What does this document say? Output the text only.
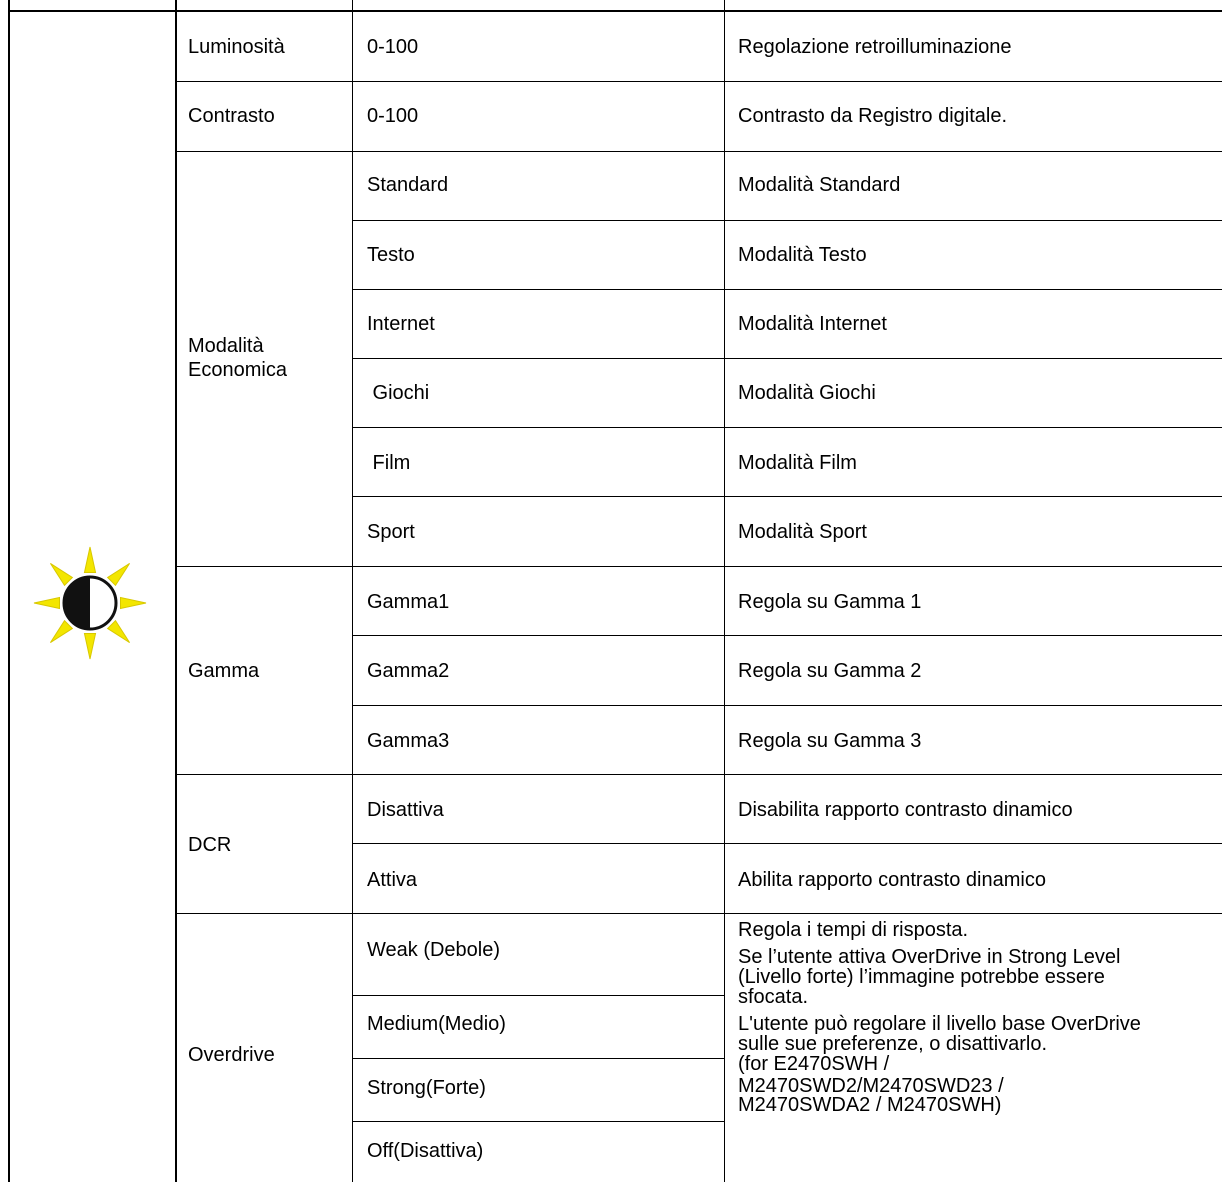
Luminosità	0-100	Regolazione retroilluminazione
Contrasto	0-100	Contrasto da Registro digitale.
Modalità Economica
Standard	Modalità Standard
Testo	Modalità Testo
Internet	Modalità Internet
Giochi	Modalità Giochi
Film	Modalità Film
Sport	Modalità Sport
Gamma
Gamma1	Regola su Gamma 1
Gamma2	Regola su Gamma 2
Gamma3	Regola su Gamma 3
DCR
Disattiva	Disabilita rapporto contrasto dinamico
Attiva	Abilita rapporto contrasto dinamico
Overdrive
Weak (Debole)
Medium(Medio)
Strong(Forte)
Off(Disattiva)
Regola i tempi di risposta.
Se l’utente attiva OverDrive in Strong Level
(Livello forte) l’immagine potrebbe essere
sfocata.
L'utente può regolare il livello base OverDrive
sulle sue preferenze, o disattivarlo.
(for E2470SWH /
M2470SWD2/M2470SWD23 /
M2470SWDA2 / M2470SWH)
